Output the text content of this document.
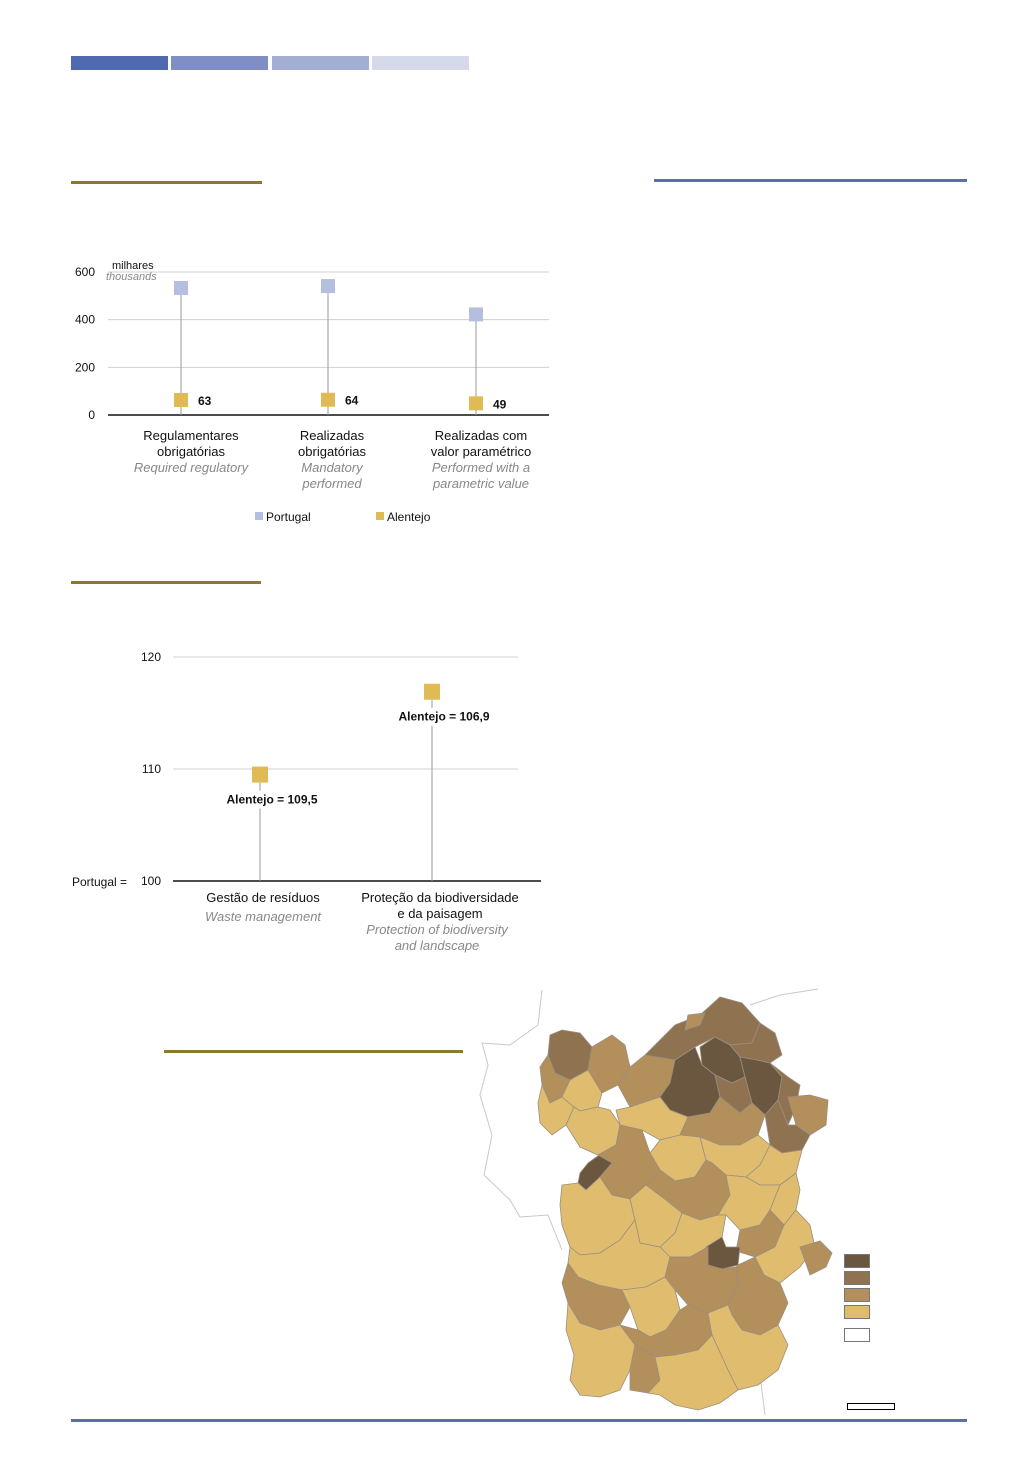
0
200
400
600 milhares
thousands
63	64	49
Regulamentares
obrigatórias
Required regulatory
Realizadas
obrigatórias
Mandatory
performed
Realizadas com
valor paramétrico
Performed with a
parametric value
Portugal	Alentejo
100
110
120
Portugal =
Alentejo = 109,5
Alentejo = 106,9
Gestão de resíduos
Waste management
Proteção da biodiversidade
e da paisagem
Protection of biodiversity
and landscape
